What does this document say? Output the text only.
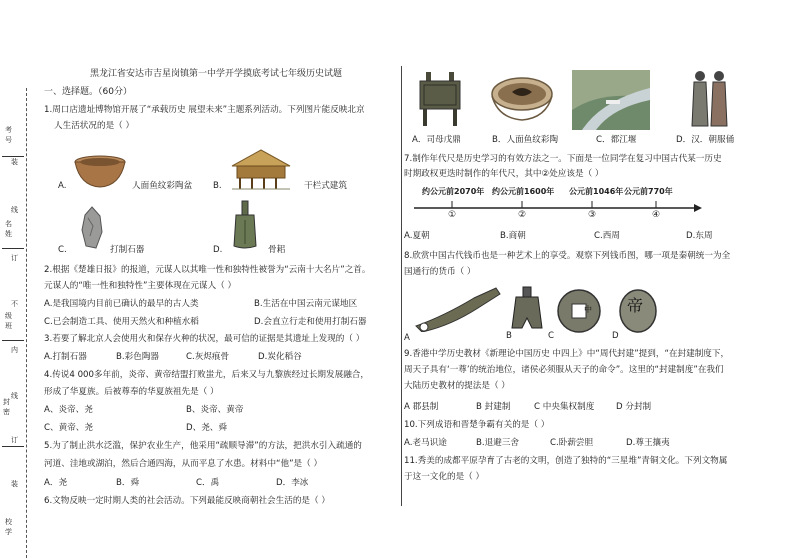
考
号
名
姓
级
班
校
学
装
线
订
不
内
线
订
装
封
密
黑龙江省安达市吉星岗镇第一中学开学摸底考试七年级历史试题
一、选择题。（60分）
1.周口店遗址博物馆开展了“承载历史 展望未来”主题系列活动。下列图片能反映北京
人生活状况的是（ ）
A.	人面鱼纹彩陶盆 B.	干栏式建筑
C.	打制石器	D.	骨耜
2.根据《楚雄日报》的报道，元谋人以其唯一性和独特性被誉为“云南十大名片”之首。
元谋人的“唯一性和独特性”主要体现在元谋人（ ）
A.是我国境内目前已确认的最早的古人类	B.生活在中国云南元谋地区
C.已会制造工具、使用天然火和种植水稻	D.会直立行走和使用打制石器
3.若要了解北京人会使用火和保存火种的状况，最可信的证据是其遗址上发现的（ ）
A.打制石器	B.彩色陶器	C.灰烬痕骨	D.炭化稻谷
4.传说4 000多年前，炎帝、黄帝结盟打败蚩尤，后来又与九黎族经过长期发展融合，
形成了华夏族。后被尊奉的华夏族祖先是（ ）
A、炎帝、尧	B、炎帝、黄帝
C、黄帝、尧	D、尧、舜
5.为了制止洪水泛滥，保护农业生产，他采用“疏顺导滞”的方法，把洪水引入疏通的
河道、洼地或湖泊，然后合通四海，从而平息了水患。材料中“他”是（ ）
A．尧	B．舜	C．禹	D．李冰
6.文物反映一定时期人类的社会活动。下列最能反映商朝社会生活的是（ ）
A．司母戊鼎	B．人面鱼纹彩陶	C．都江堰	D．汉．朝服俑
7.制作年代尺是历史学习的有效方法之一。下面是一位同学在复习中国古代某一历史
时期政权更迭时制作的年代尺，其中②处应该是（ ）
约公元前2070年 约公元前1600年 公元前1046年 公元前770年
①	②	③	④
A.夏朝	B.商朝	C.西周	D.东周
8.欣赏中国古代钱币也是一种艺术上的享受。观察下列钱币图，哪一项是秦朝统一为全
国通行的货币（ ）
中 帝
A	B	C	D
9.香港中学历史教材《新理论中国历史 中四上》中“周代封建”提到，“在封建制度下，
周天子具有‘一尊’的统治地位，诸侯必须服从天子的命令”。这里的“封建制度”在我们
大陆历史教材的提法是（ ）
A 郡县制	B 封建制	C 中央集权制度	D 分封制
10.下列成语和晋楚争霸有关的是（ ）
A.老马识途	B.退避三舍	C.卧薪尝胆	D.尊王攘夷
11.秀美的成都平原孕育了古老的文明，创造了独特的“三星堆”青铜文化。下列文物属
于这一文化的是（ ）
